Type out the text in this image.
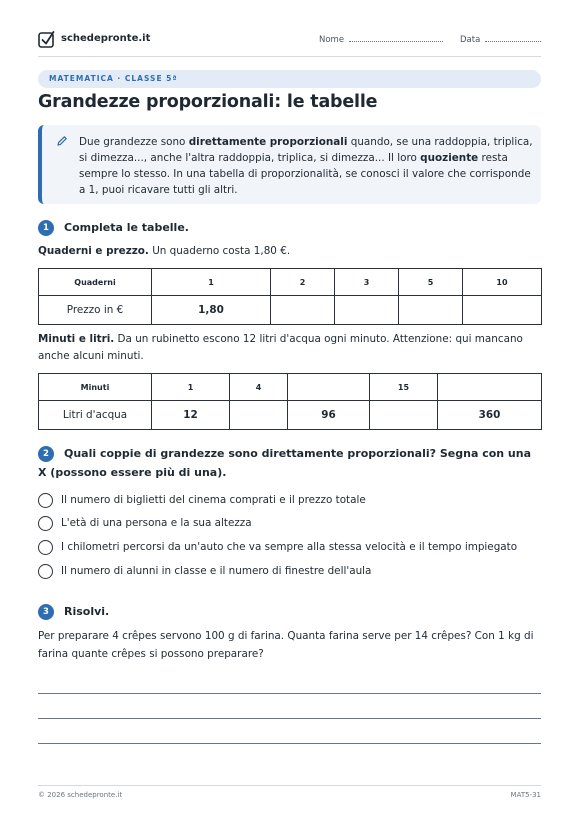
schedepronte.it	Nome	Data
MATEMATICA · CLASSE 5ª
Grandezze proporzionali: le tabelle

Due grandezze sono direttamente proporzionali quando, se una raddoppia, triplica, si dimezza..., anche l'altra raddoppia, triplica, si dimezza... Il loro quoziente resta sempre lo stesso. In una tabella di proporzionalità, se conosci il valore che corrisponde a 1, puoi ricavare tutti gli altri.

1	Completa le tabelle.
Quaderni e prezzo. Un quaderno costa 1,80 €.
Quaderni	1	2	3	5	10
Prezzo in €	1,80				
Minuti e litri. Da un rubinetto escono 12 litri d'acqua ogni minuto. Attenzione: qui mancano anche alcuni minuti.
Minuti	1	4		15	
Litri d'acqua	12		96		360
2	Quali coppie di grandezze sono direttamente proporzionali? Segna con una X (possono essere più di una).
Il numero di biglietti del cinema comprati e il prezzo totale
L'età di una persona e la sua altezza
I chilometri percorsi da un'auto che va sempre alla stessa velocità e il tempo impiegato
Il numero di alunni in classe e il numero di finestre dell'aula
3	Risolvi.
Per preparare 4 crêpes servono 100 g di farina. Quanta farina serve per 14 crêpes? Con 1 kg di farina quante crêpes si possono preparare?
© 2026 schedepronte.it	MAT5-31
